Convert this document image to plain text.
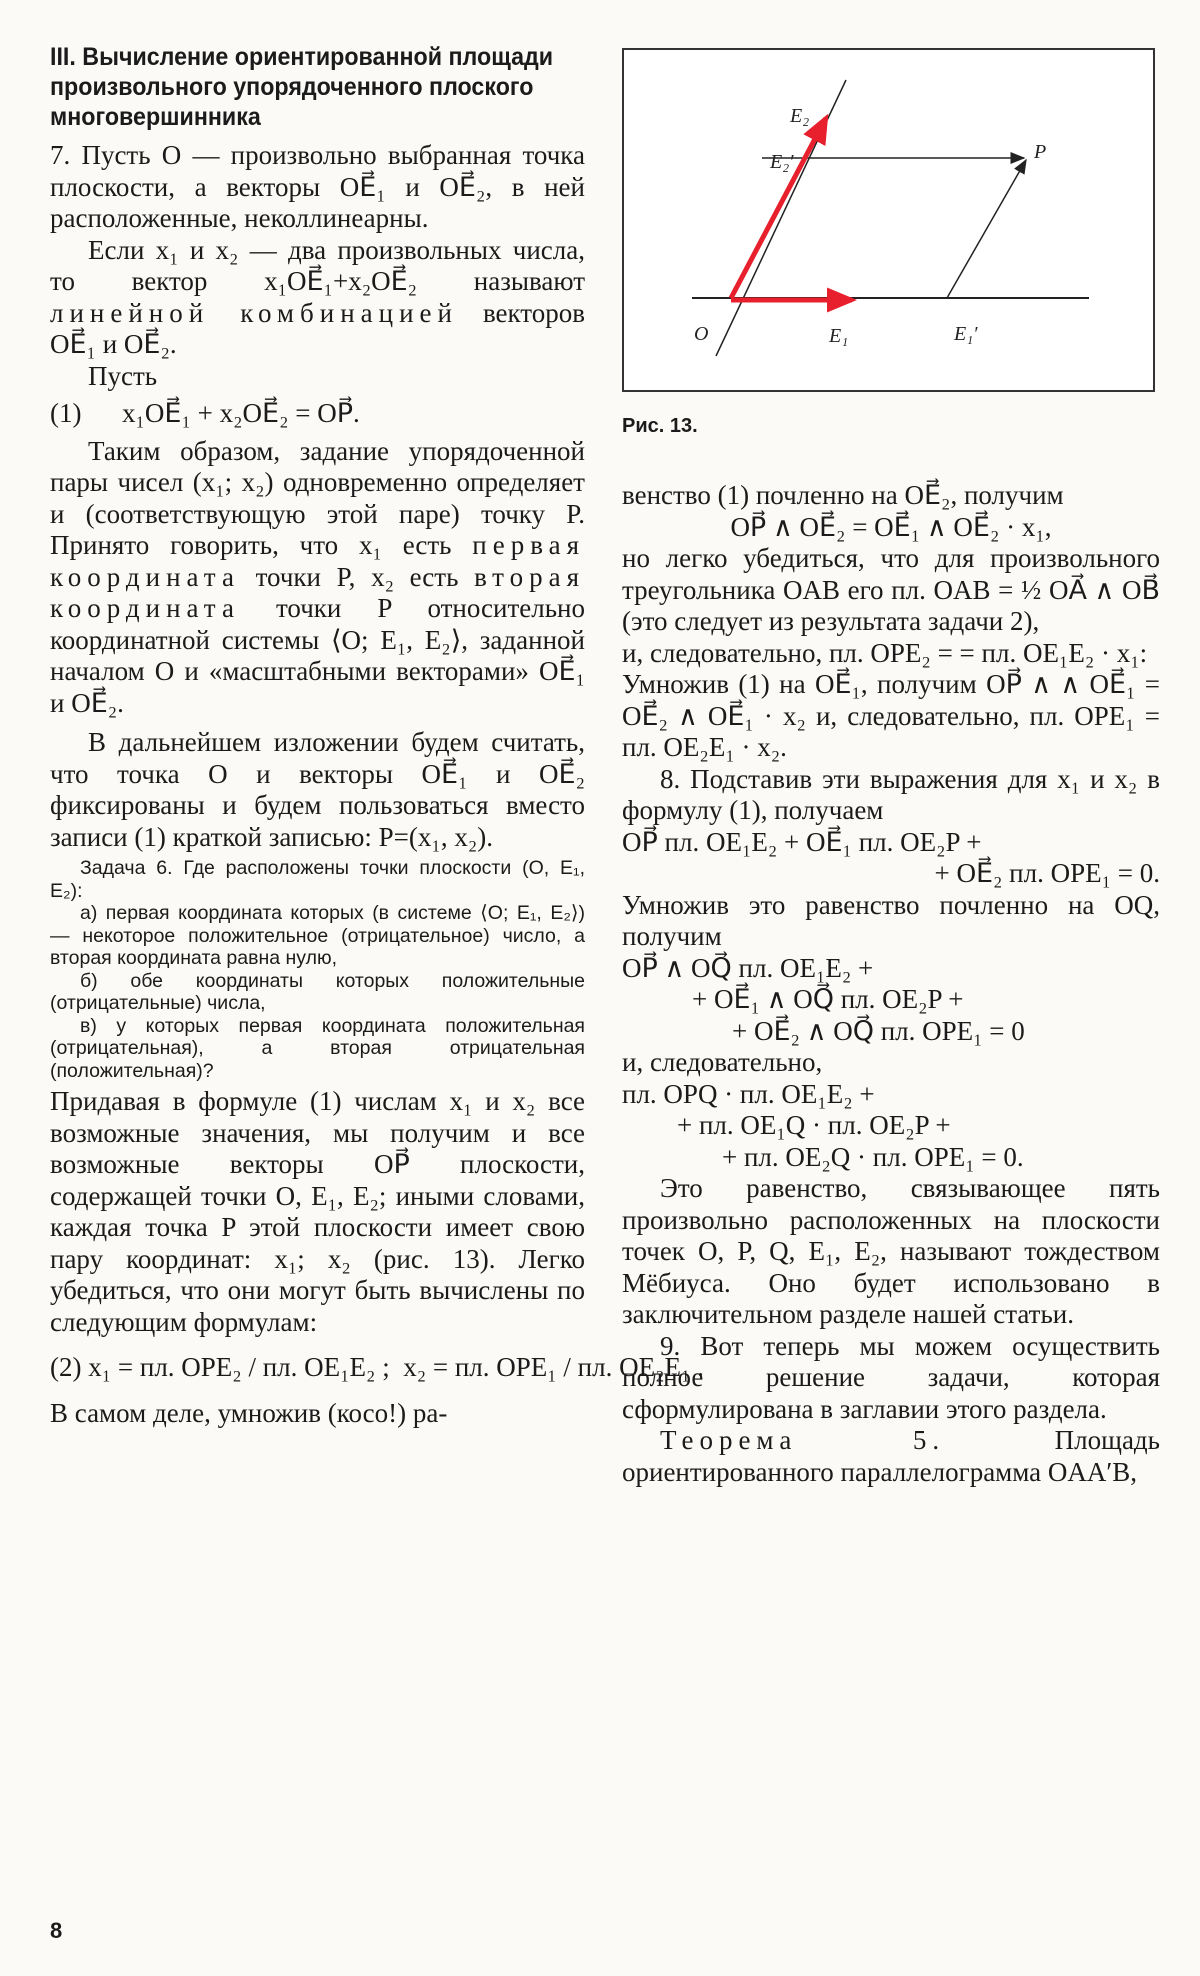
III. Вычисление ориентированной площади произвольного упорядоченного плоского многовершинника

7. Пусть O — произвольно выбранная точка плоскости, а векторы OE⃗₁ и OE⃗₂, в ней расположенные, неколлинеарны.

Если x₁ и x₂ — два произвольных числа, то вектор x₁OE⃗₁+x₂OE⃗₂ называют линейной комбинацией векторов OE⃗₁ и OE⃗₂.

Пусть

(1)      x₁OE⃗₁ + x₂OE⃗₂ = OP⃗.

Таким образом, задание упорядоченной пары чисел (x₁; x₂) одновременно определяет и (соответствующую этой паре) точку P. Принято говорить, что x₁ есть первая координата точки P, x₂ есть вторая координата точки P относительно координатной системы ⟨O; E₁, E₂⟩, заданной началом O и «масштабными векторами» OE⃗₁ и OE⃗₂.

В дальнейшем изложении будем считать, что точка O и векторы OE⃗₁ и OE⃗₂ фиксированы и будем пользоваться вместо записи (1) краткой записью: P=(x₁, x₂).

Задача 6. Где расположены точки плоскости (O, E₁, E₂):

а) первая координата которых (в системе ⟨O; E₁, E₂⟩) — некоторое положительное (отрицательное) число, а вторая координата равна нулю,

б) обе координаты которых положительные (отрицательные) числа,

в) у которых первая координата положительная (отрицательная), а вторая отрицательная (положительная)?

Придавая в формуле (1) числам x₁ и x₂ все возможные значения, мы получим и все возможные векторы OP⃗ плоскости, содержащей точки O, E₁, E₂; иными словами, каждая точка P этой плоскости имеет свою пару координат: x₁; x₂ (рис. 13). Легко убедиться, что они могут быть вычислены по следующим формулам:

(2) x₁ = пл. OPE₂ / пл. OE₁E₂ ;  x₂ = пл. OPE₁ / пл. OE₂E₁ .

В самом деле, умножив (косо!) ра-

E₂
E₂′	P
O	E₁	E₁′
Рис. 13.

венство (1) почленно на OE⃗₂, получим

OP⃗ ∧ OE⃗₂ = OE⃗₁ ∧ OE⃗₂ · x₁,

но легко убедиться, что для произвольного треугольника OAB его пл. OAB = ½ OA⃗ ∧ OB⃗ (это следует из результата задачи 2),

и, следовательно, пл. OPE₂ = = пл. OE₁E₂ · x₁:

Умножив (1) на OE⃗₁, получим OP⃗ ∧ ∧ OE⃗₁ = OE⃗₂ ∧ OE⃗₁ · x₂ и, следовательно, пл. OPE₁ = пл. OE₂E₁ · x₂.

8. Подставив эти выражения для x₁ и x₂ в формулу (1), получаем

OP⃗ пл. OE₁E₂ + OE⃗₁ пл. OE₂P +

+ OE⃗₂ пл. OPE₁ = 0.

Умножив это равенство почленно на OQ, получим

OP⃗ ∧ OQ⃗ пл. OE₁E₂ +

+ OE⃗₁ ∧ OQ⃗ пл. OE₂P +

+ OE⃗₂ ∧ OQ⃗ пл. OPE₁ = 0

и, следовательно,

пл. OPQ · пл. OE₁E₂ +

+ пл. OE₁Q · пл. OE₂P +

+ пл. OE₂Q · пл. OPE₁ = 0.

Это равенство, связывающее пять произвольно расположенных на плоскости точек O, P, Q, E₁, E₂, называют тождеством Мёбиуса. Оно будет использовано в заключительном разделе нашей статьи.

9. Вот теперь мы можем осуществить полное решение задачи, которая сформулирована в заглавии этого раздела.

Теорема 5. Площадь ориентированного параллелограмма OAA′B,

8
